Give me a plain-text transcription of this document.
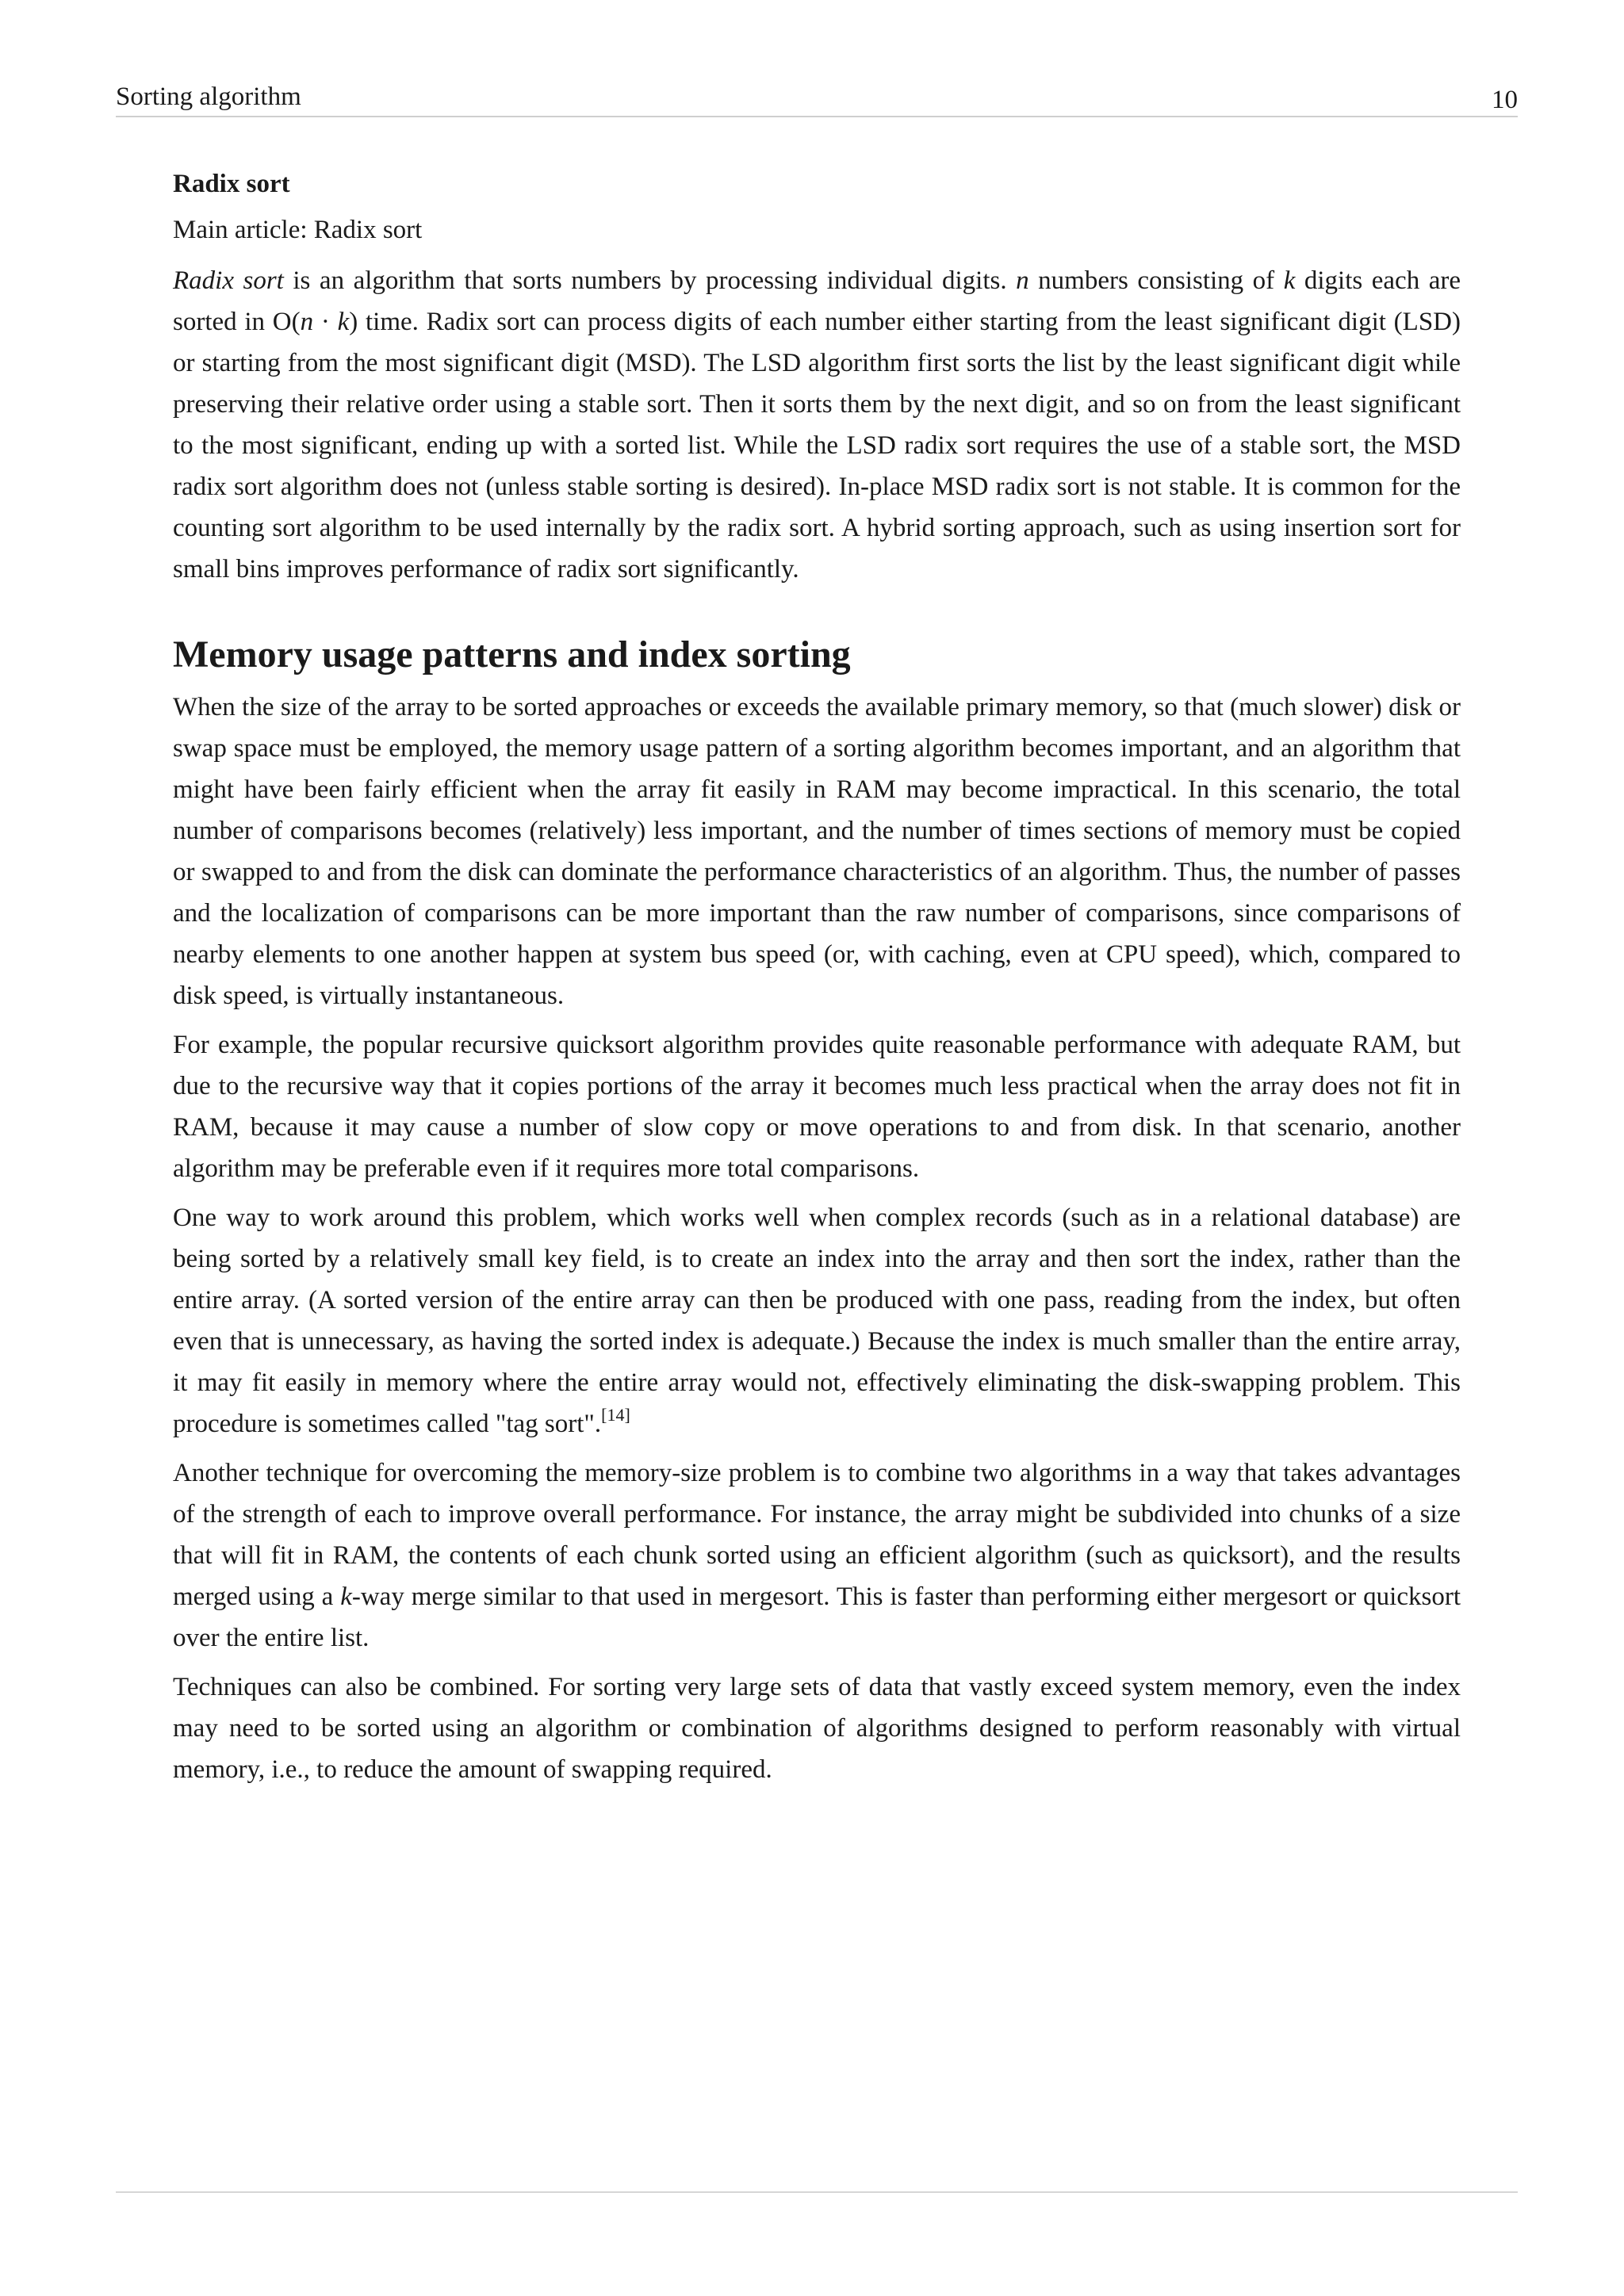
Sorting algorithm	10
Radix sort
Main article: Radix sort

Radix sort is an algorithm that sorts numbers by processing individual digits. n numbers consisting of k digits each are sorted in O(n · k) time. Radix sort can process digits of each number either starting from the least significant digit (LSD) or starting from the most significant digit (MSD). The LSD algorithm first sorts the list by the least significant digit while preserving their relative order using a stable sort. Then it sorts them by the next digit, and so on from the least significant to the most significant, ending up with a sorted list. While the LSD radix sort requires the use of a stable sort, the MSD radix sort algorithm does not (unless stable sorting is desired). In-place MSD radix sort is not stable. It is common for the counting sort algorithm to be used internally by the radix sort. A hybrid sorting approach, such as using insertion sort for small bins improves performance of radix sort significantly.

Memory usage patterns and index sorting

When the size of the array to be sorted approaches or exceeds the available primary memory, so that (much slower) disk or swap space must be employed, the memory usage pattern of a sorting algorithm becomes important, and an algorithm that might have been fairly efficient when the array fit easily in RAM may become impractical. In this scenario, the total number of comparisons becomes (relatively) less important, and the number of times sections of memory must be copied or swapped to and from the disk can dominate the performance characteristics of an algorithm. Thus, the number of passes and the localization of comparisons can be more important than the raw number of comparisons, since comparisons of nearby elements to one another happen at system bus speed (or, with caching, even at CPU speed), which, compared to disk speed, is virtually instantaneous.

For example, the popular recursive quicksort algorithm provides quite reasonable performance with adequate RAM, but due to the recursive way that it copies portions of the array it becomes much less practical when the array does not fit in RAM, because it may cause a number of slow copy or move operations to and from disk. In that scenario, another algorithm may be preferable even if it requires more total comparisons.

One way to work around this problem, which works well when complex records (such as in a relational database) are being sorted by a relatively small key field, is to create an index into the array and then sort the index, rather than the entire array. (A sorted version of the entire array can then be produced with one pass, reading from the index, but often even that is unnecessary, as having the sorted index is adequate.) Because the index is much smaller than the entire array, it may fit easily in memory where the entire array would not, effectively eliminating the disk-swapping problem. This procedure is sometimes called "tag sort".[14]

Another technique for overcoming the memory-size problem is to combine two algorithms in a way that takes advantages of the strength of each to improve overall performance. For instance, the array might be subdivided into chunks of a size that will fit in RAM, the contents of each chunk sorted using an efficient algorithm (such as quicksort), and the results merged using a k-way merge similar to that used in mergesort. This is faster than performing either mergesort or quicksort over the entire list.

Techniques can also be combined. For sorting very large sets of data that vastly exceed system memory, even the index may need to be sorted using an algorithm or combination of algorithms designed to perform reasonably with virtual memory, i.e., to reduce the amount of swapping required.
